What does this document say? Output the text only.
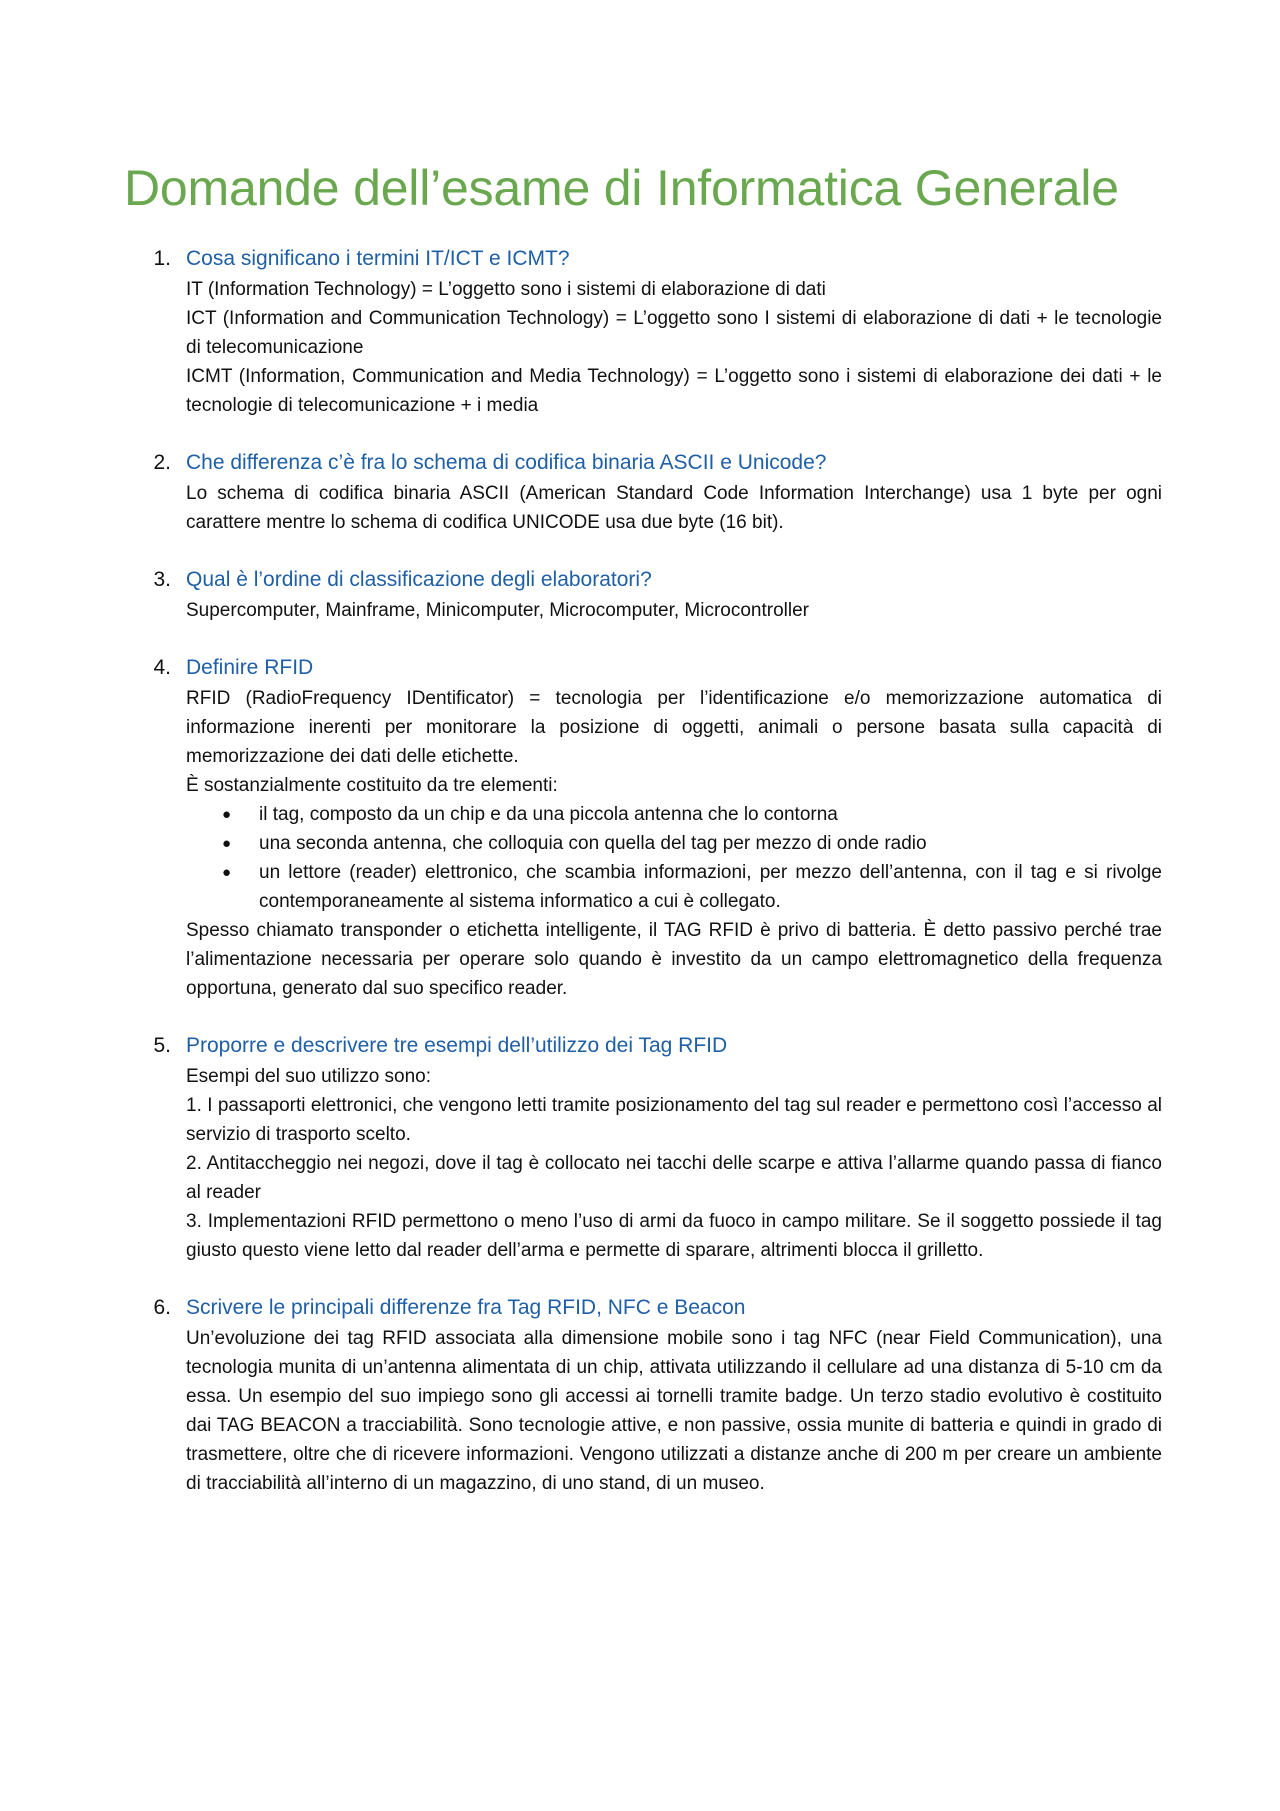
Domande dell’esame di Informatica Generale
1. Cosa significano i termini IT/ICT e ICMT?

IT (Information Technology) = L’oggetto sono i sistemi di elaborazione di dati

ICT (Information and Communication Technology) = L’oggetto sono I sistemi di elaborazione di dati + le tecnologie di telecomunicazione

ICMT (Information, Communication and Media Technology) = L’oggetto sono i sistemi di elaborazione dei dati + le tecnologie di telecomunicazione + i media

2. Che differenza c’è fra lo schema di codifica binaria ASCII e Unicode?

Lo schema di codifica binaria ASCII (American Standard Code Information Interchange) usa 1 byte per ogni carattere mentre lo schema di codifica UNICODE usa due byte (16 bit).

3. Qual è l’ordine di classificazione degli elaboratori?

Supercomputer, Mainframe, Minicomputer, Microcomputer, Microcontroller

4. Definire RFID

RFID (RadioFrequency IDentificator) = tecnologia per l’identificazione e/o memorizzazione automatica di informazione inerenti per monitorare la posizione di oggetti, animali o persone basata sulla capacità di memorizzazione dei dati delle etichette.

È sostanzialmente costituito da tre elementi:

● il tag, composto da un chip e da una piccola antenna che lo contorna
● una seconda antenna, che colloquia con quella del tag per mezzo di onde radio
● un lettore (reader) elettronico, che scambia informazioni, per mezzo dell’antenna, con il tag e si rivolge contemporaneamente al sistema informatico a cui è collegato.

Spesso chiamato transponder o etichetta intelligente, il TAG RFID è privo di batteria. È detto passivo perché trae l’alimentazione necessaria per operare solo quando è investito da un campo elettromagnetico della frequenza opportuna, generato dal suo specifico reader.

5. Proporre e descrivere tre esempi dell’utilizzo dei Tag RFID

Esempi del suo utilizzo sono:

1. I passaporti elettronici, che vengono letti tramite posizionamento del tag sul reader e permettono così l’accesso al servizio di trasporto scelto.

2. Antitaccheggio nei negozi, dove il tag è collocato nei tacchi delle scarpe e attiva l’allarme quando passa di fianco al reader

3. Implementazioni RFID permettono o meno l’uso di armi da fuoco in campo militare. Se il soggetto possiede il tag giusto questo viene letto dal reader dell’arma e permette di sparare, altrimenti blocca il grilletto.

6. Scrivere le principali differenze fra Tag RFID, NFC e Beacon

Un’evoluzione dei tag RFID associata alla dimensione mobile sono i tag NFC (near Field Communication), una tecnologia munita di un’antenna alimentata di un chip, attivata utilizzando il cellulare ad una distanza di 5-10 cm da essa. Un esempio del suo impiego sono gli accessi ai tornelli tramite badge. Un terzo stadio evolutivo è costituito dai TAG BEACON a tracciabilità. Sono tecnologie attive, e non passive, ossia munite di batteria e quindi in grado di trasmettere, oltre che di ricevere informazioni. Vengono utilizzati a distanze anche di 200 m per creare un ambiente di tracciabilità all’interno di un magazzino, di uno stand, di un museo.
